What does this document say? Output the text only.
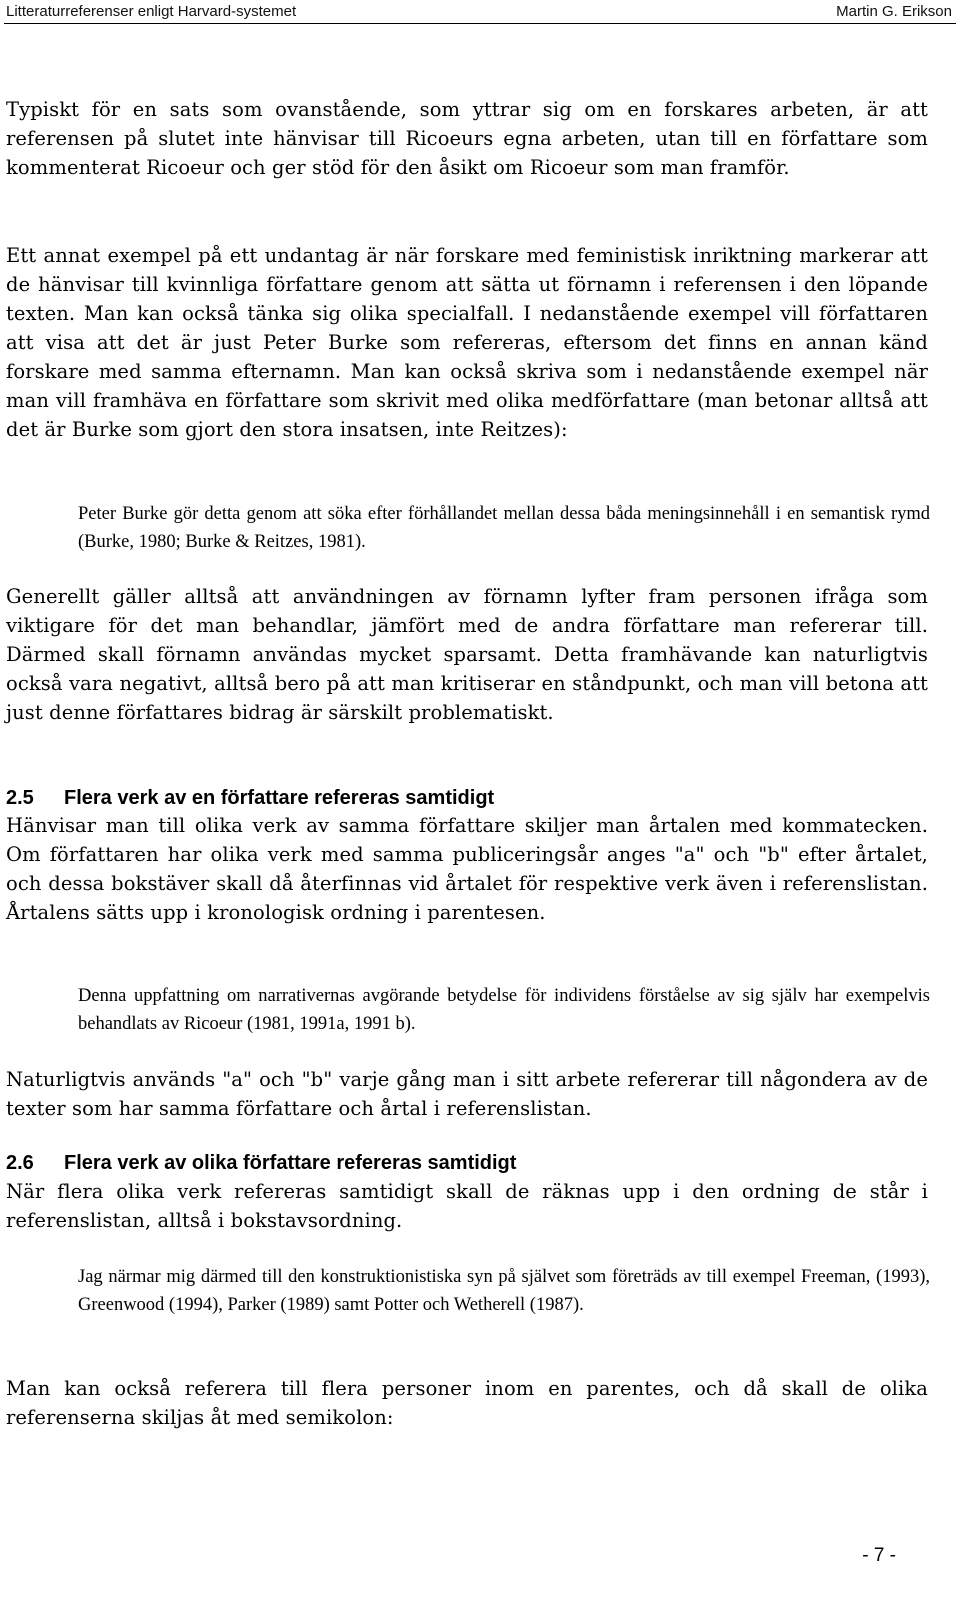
Litteraturreferenser enligt Harvard-systemet	Martin G. Erikson

Typiskt för en sats som ovanstående, som yttrar sig om en forskares arbeten, är att referensen på slutet inte hänvisar till Ricoeurs egna arbeten, utan till en författare som kommenterat Ricoeur och ger stöd för den åsikt om Ricoeur som man framför.

Ett annat exempel på ett undantag är när forskare med feministisk inriktning markerar att de hänvisar till kvinnliga författare genom att sätta ut förnamn i referensen i den löpande texten. Man kan också tänka sig olika specialfall. I nedanstående exempel vill författaren att visa att det är just Peter Burke som refereras, eftersom det finns en annan känd forskare med samma efternamn. Man kan också skriva som i nedanstående exempel när man vill framhäva en författare som skrivit med olika medförfattare (man betonar alltså att det är Burke som gjort den stora insatsen, inte Reitzes):

Peter Burke gör detta genom att söka efter förhållandet mellan dessa båda meningsinnehåll i en semantisk rymd (Burke, 1980; Burke & Reitzes, 1981).

Generellt gäller alltså att användningen av förnamn lyfter fram personen ifråga som viktigare för det man behandlar, jämfört med de andra författare man refererar till. Därmed skall förnamn användas mycket sparsamt. Detta framhävande kan naturligtvis också vara negativt, alltså bero på att man kritiserar en ståndpunkt, och man vill betona att just denne författares bidrag är särskilt problematiskt.

2.5 Flera verk av en författare refereras samtidigt

Hänvisar man till olika verk av samma författare skiljer man årtalen med kommatecken. Om författaren har olika verk med samma publiceringsår anges "a" och "b" efter årtalet, och dessa bokstäver skall då återfinnas vid årtalet för respektive verk även i referenslistan. Årtalens sätts upp i kronologisk ordning i parentesen.

Denna uppfattning om narrativernas avgörande betydelse för individens förståelse av sig själv har exempelvis behandlats av Ricoeur (1981, 1991a, 1991 b).

Naturligtvis används "a" och "b" varje gång man i sitt arbete refererar till någondera av de texter som har samma författare och årtal i referenslistan.

2.6 Flera verk av olika författare refereras samtidigt

När flera olika verk refereras samtidigt skall de räknas upp i den ordning de står i referenslistan, alltså i bokstavsordning.

Jag närmar mig därmed till den konstruktionistiska syn på självet som företräds av till exempel Freeman, (1993), Greenwood (1994), Parker (1989) samt Potter och Wetherell (1987).

Man kan också referera till flera personer inom en parentes, och då skall de olika referenserna skiljas åt med semikolon:

- 7 -
